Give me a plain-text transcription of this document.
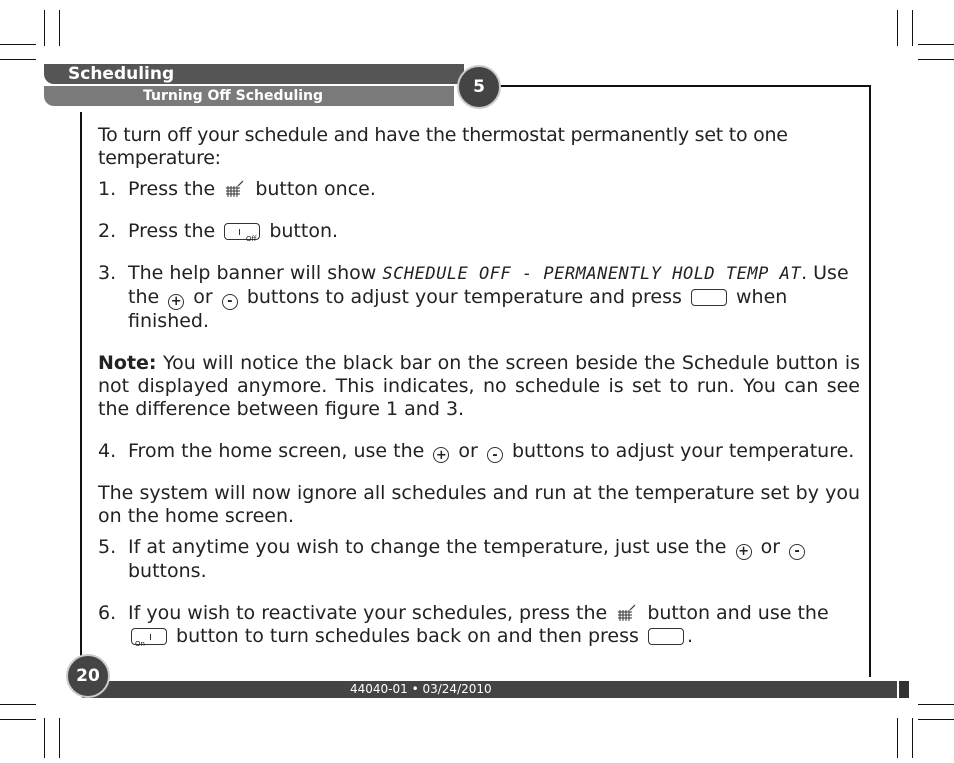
Scheduling
Turning Off Scheduling	5

To turn off your schedule and have the thermostat permanently set to one temperature:

1. Press the button once.
2. Press the	Off button.
3. The help banner will show SCHEDULE OFF - PERMANENTLY HOLD TEMP AT. Use the + or - buttons to adjust your temperature and press	when finished.

Note: You will notice the black bar on the screen beside the Schedule button is not displayed anymore. This indicates, no schedule is set to run. You can see the difference between figure 1 and 3.

4. From the home screen, use the + or - buttons to adjust your temperature.

The system will now ignore all schedules and run at the temperature set by you on the home screen.

5. If at anytime you wish to change the temperature, just use the + or - buttons.
6. If you wish to reactivate your schedules, press the button and use the
On button to turn schedules back on and then press	.
44040-01 • 03/24/2010
20
